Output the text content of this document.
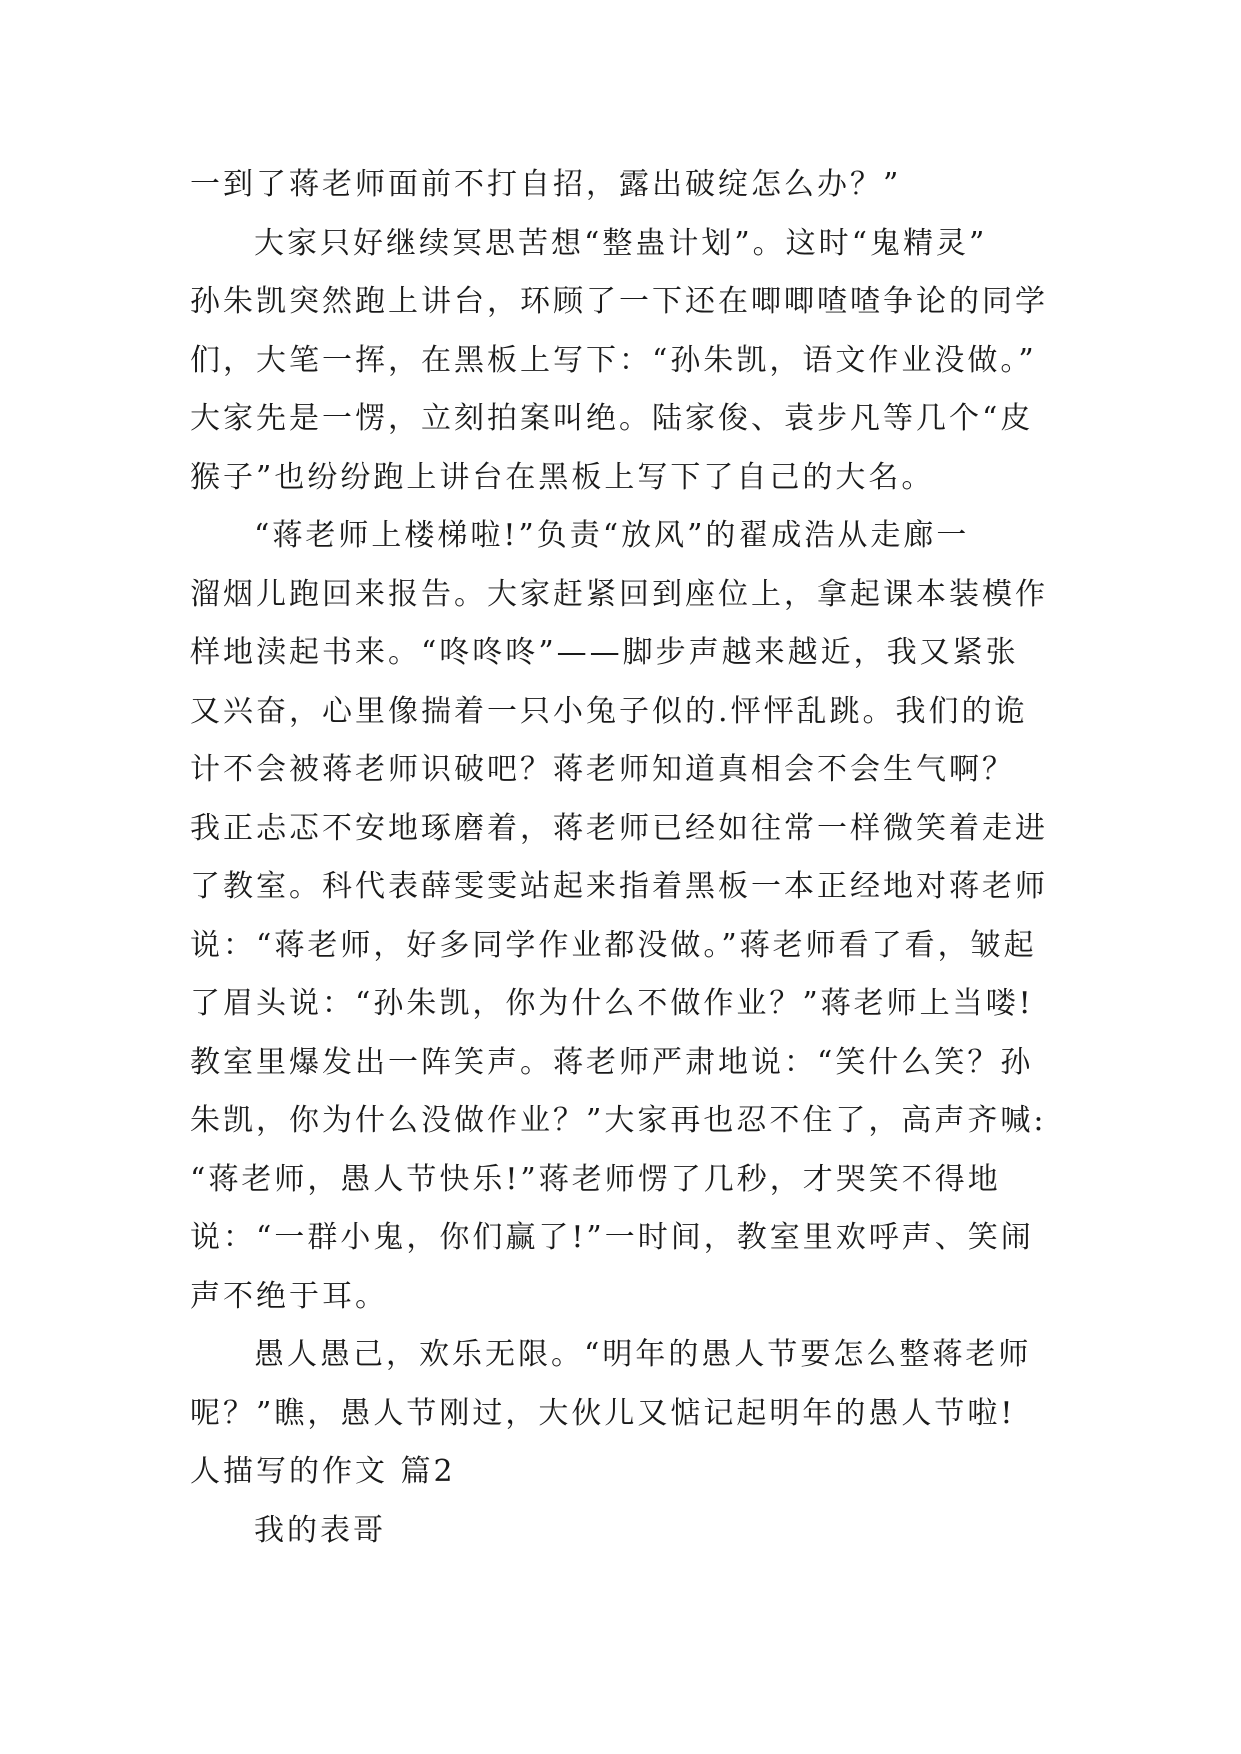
一到了蒋老师面前不打自招，露出破绽怎么办？”
大家只好继续冥思苦想“整蛊计划”。这时“鬼精灵”
孙朱凯突然跑上讲台，环顾了一下还在唧唧喳喳争论的同学
们，大笔一挥，在黑板上写下：“孙朱凯，语文作业没做。”
大家先是一愣，立刻拍案叫绝。陆家俊、袁步凡等几个“皮
猴子”也纷纷跑上讲台在黑板上写下了自己的大名。
“蒋老师上楼梯啦!”负责“放风”的翟成浩从走廊一
溜烟儿跑回来报告。大家赶紧回到座位上，拿起课本装模作
样地渎起书来。“咚咚咚”——脚步声越来越近，我又紧张
又兴奋，心里像揣着一只小兔子似的.怦怦乱跳。我们的诡
计不会被蒋老师识破吧？蒋老师知道真相会不会生气啊？
我正忐忑不安地琢磨着，蒋老师已经如往常一样微笑着走进
了教室。科代表薛雯雯站起来指着黑板一本正经地对蒋老师
说：“蒋老师，好多同学作业都没做。”蒋老师看了看，皱起
了眉头说：“孙朱凯，你为什么不做作业？”蒋老师上当喽!
教室里爆发出一阵笑声。蒋老师严肃地说：“笑什么笑？孙
朱凯，你为什么没做作业？”大家再也忍不住了，高声齐喊:
“蒋老师，愚人节快乐!”蒋老师愣了几秒，才哭笑不得地
说：“一群小鬼，你们赢了!”一时间，教室里欢呼声、笑闹
声不绝于耳。
愚人愚己，欢乐无限。“明年的愚人节要怎么整蒋老师
呢？”瞧，愚人节刚过，大伙儿又惦记起明年的愚人节啦!
人描写的作文 篇2
我的表哥
